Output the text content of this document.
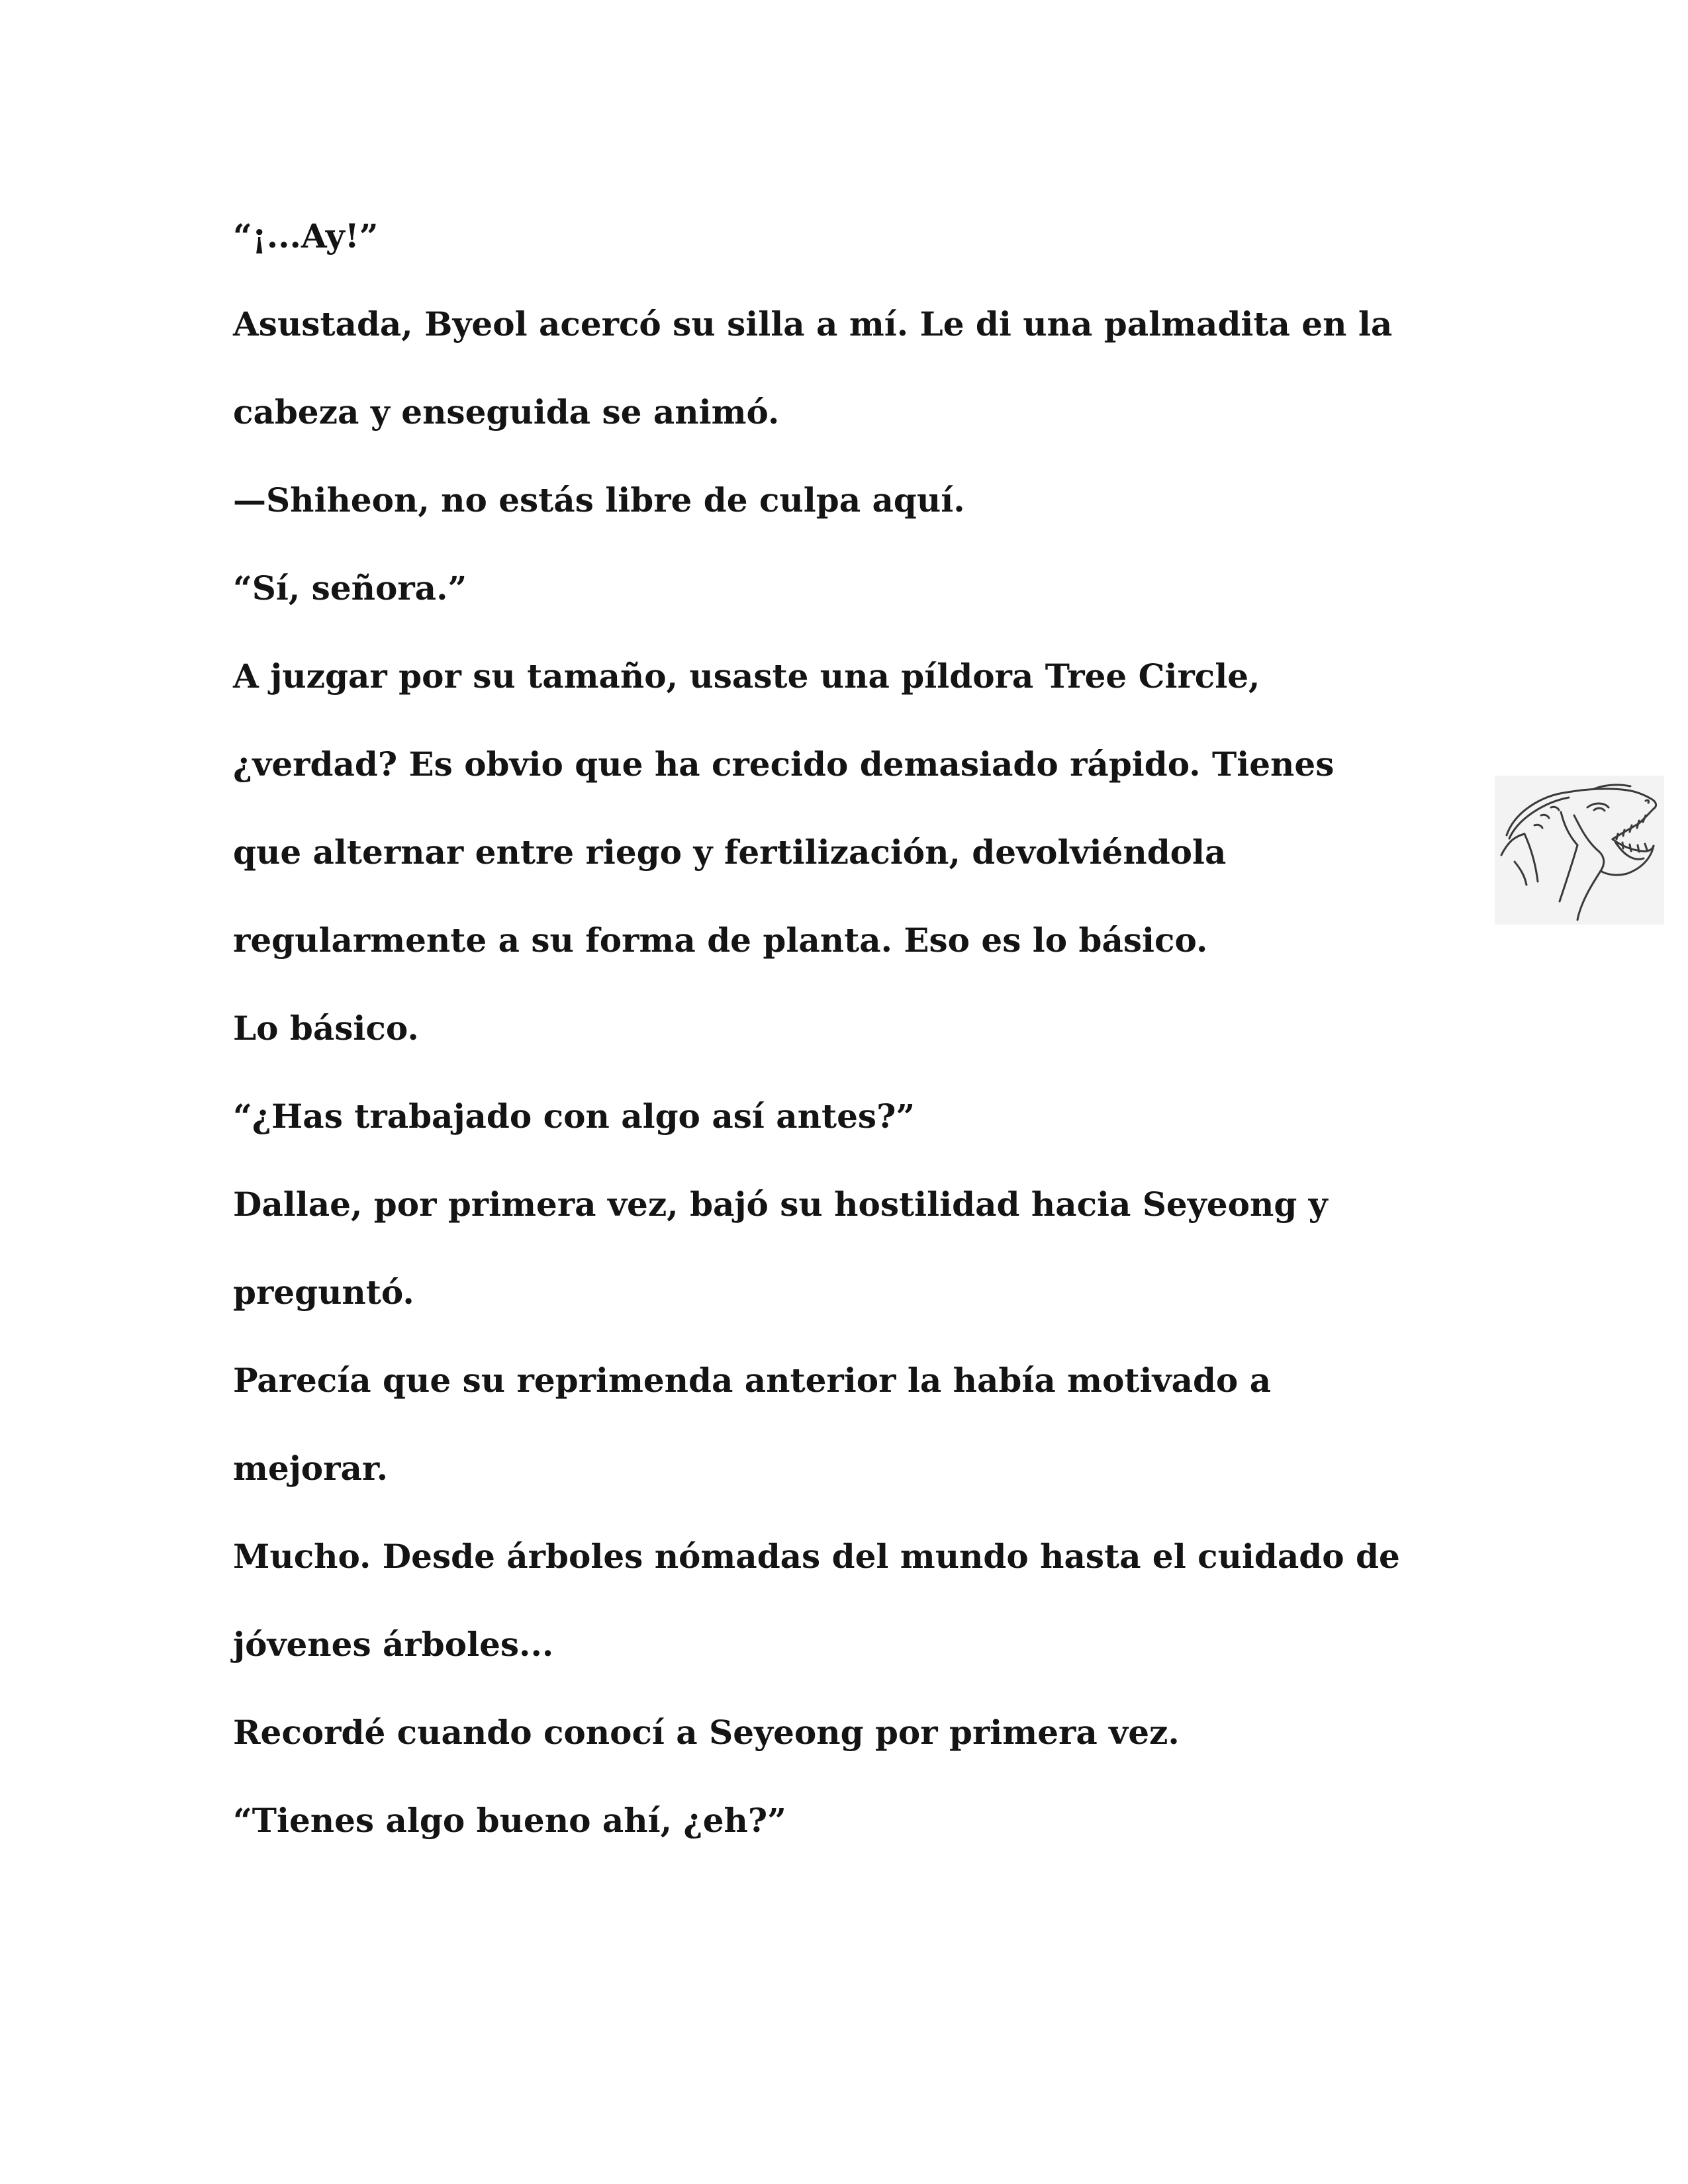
“¡...Ay!”

Asustada, Byeol acercó su silla a mí. Le di una palmadita en la

cabeza y enseguida se animó.

—Shiheon, no estás libre de culpa aquí.

“Sí, señora.”

A juzgar por su tamaño, usaste una píldora Tree Circle,

¿verdad? Es obvio que ha crecido demasiado rápido. Tienes

que alternar entre riego y fertilización, devolviéndola

regularmente a su forma de planta. Eso es lo básico.

Lo básico.

“¿Has trabajado con algo así antes?”

Dallae, por primera vez, bajó su hostilidad hacia Seyeong y

preguntó.

Parecía que su reprimenda anterior la había motivado a

mejorar.

Mucho. Desde árboles nómadas del mundo hasta el cuidado de

jóvenes árboles...

Recordé cuando conocí a Seyeong por primera vez.

“Tienes algo bueno ahí, ¿eh?”
